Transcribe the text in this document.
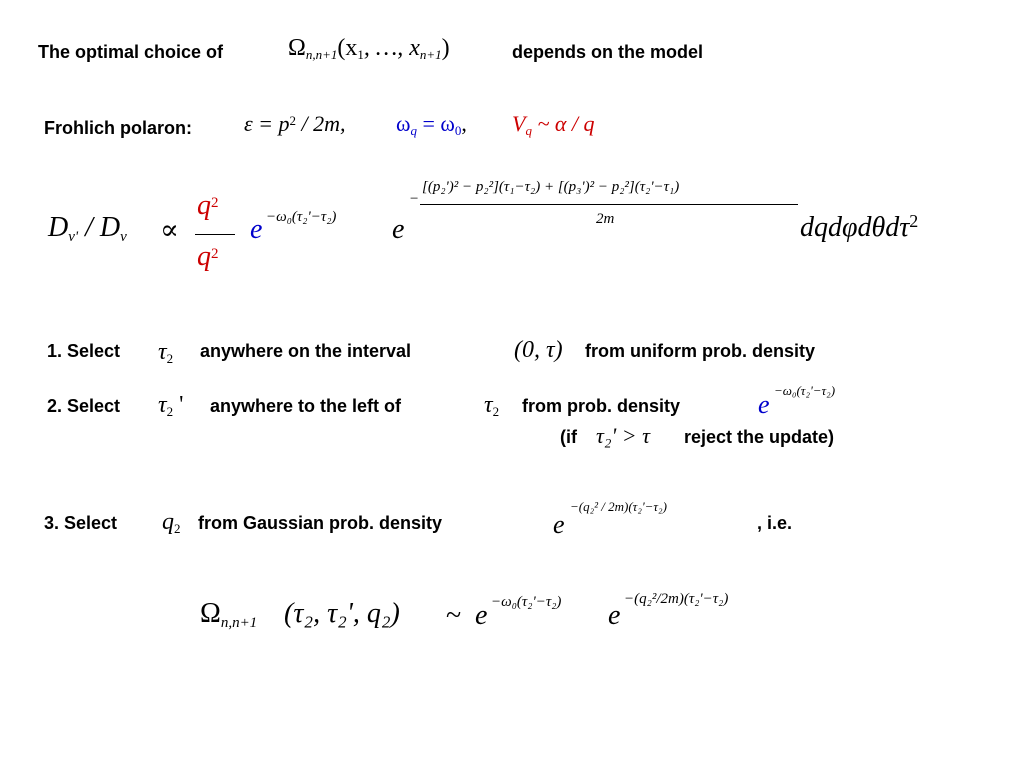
The optimal choice of	$\Omega_{n,n+1}(x_1$, …, $x_{n+1}$)	depends on the model
Frohlich polaron: $\varepsilon = p^2 / 2m$, $\omega_q = \omega_0$, $V_q$ ~ α / q
$D_{\nu'} / D_\nu$ ∝
$q^2$
$q^2$
e −ω₀(τ₂'−τ₂) e
−
[(p₂')² − p₂²](τ₁−τ₂) + [(p₃')² − p₂²](τ₂'−τ₁)
2m	dqdφdθdτ$^2$
1. Select $\tau_2$ anywhere on the interval	(0, τ) from uniform prob. density
2. Select $\tau_2$ ' anywhere to the left of	$\tau_2$ from prob. density	e −ω₀(τ₂'−τ₂)
(if τ₂' > τ reject the update)
3. Select $q_2$ from Gaussian prob. density	e
−(q₂² / 2m)(τ₂'−τ₂)
, i.e.
$\Omega_{n,n+1}$ (τ₂, τ₂', q₂) ~ e −ω₀(τ₂'−τ₂) e
−(q₂²/2m)(τ₂'−τ₂)
